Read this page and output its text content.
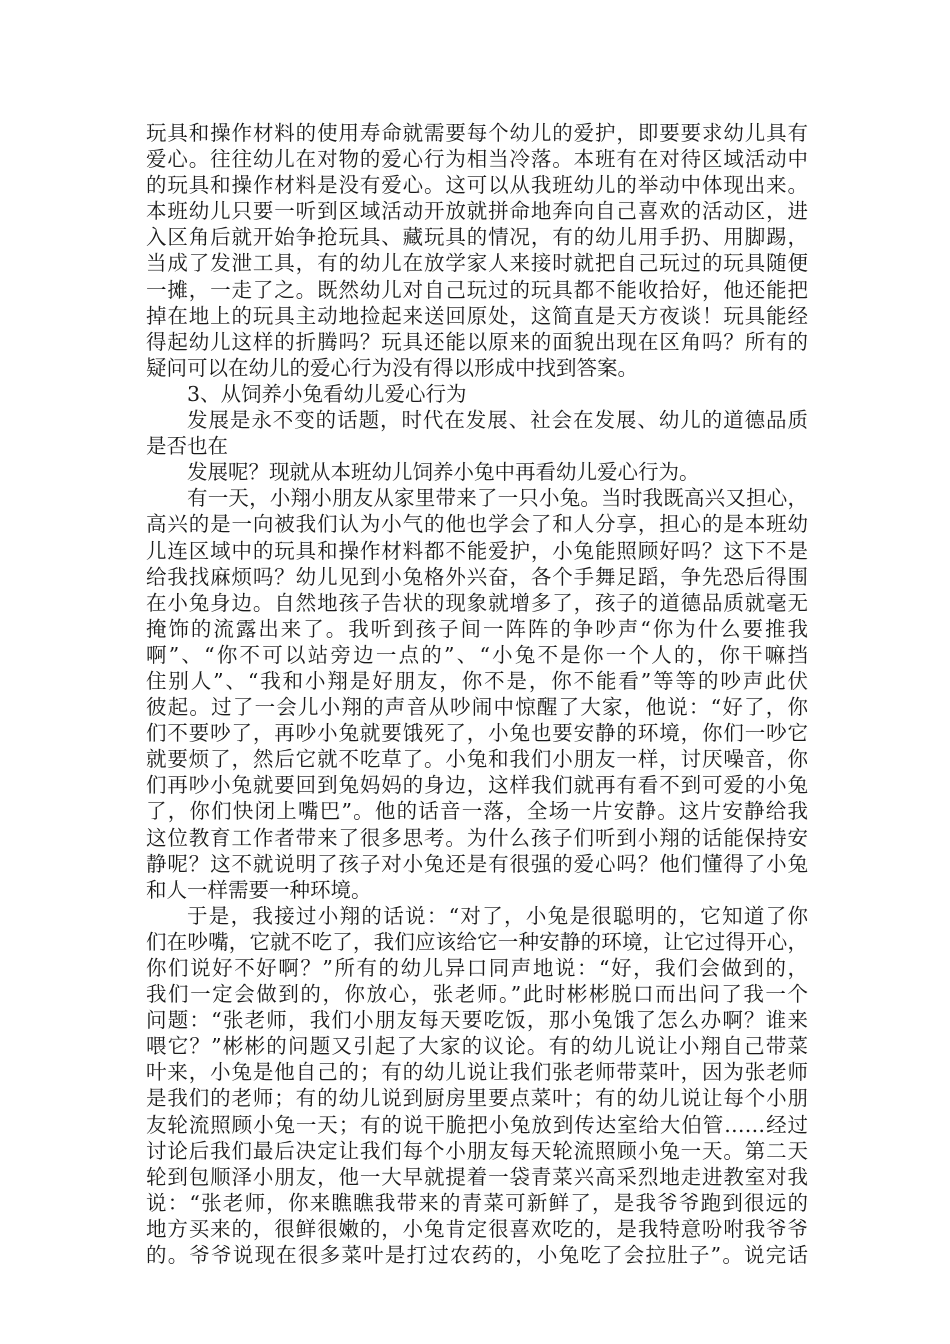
玩具和操作材料的使用寿命就需要每个幼儿的爱护，即要要求幼儿具有
爱心。往往幼儿在对物的爱心行为相当冷落。本班有在对待区域活动中
的玩具和操作材料是没有爱心。这可以从我班幼儿的举动中体现出来。
本班幼儿只要一听到区域活动开放就拼命地奔向自己喜欢的活动区，进
入区角后就开始争抢玩具、藏玩具的情况，有的幼儿用手扔、用脚踢，
当成了发泄工具，有的幼儿在放学家人来接时就把自己玩过的玩具随便
一摊，一走了之。既然幼儿对自己玩过的玩具都不能收拾好，他还能把
掉在地上的玩具主动地捡起来送回原处，这简直是天方夜谈！玩具能经
得起幼儿这样的折腾吗？玩具还能以原来的面貌出现在区角吗？所有的
疑问可以在幼儿的爱心行为没有得以形成中找到答案。
3、从饲养小兔看幼儿爱心行为
发展是永不变的话题，时代在发展、社会在发展、幼儿的道德品质
是否也在
发展呢？现就从本班幼儿饲养小兔中再看幼儿爱心行为。
有一天，小翔小朋友从家里带来了一只小兔。当时我既高兴又担心，
高兴的是一向被我们认为小气的他也学会了和人分享，担心的是本班幼
儿连区域中的玩具和操作材料都不能爱护，小兔能照顾好吗？这下不是
给我找麻烦吗？幼儿见到小兔格外兴奋，各个手舞足蹈，争先恐后得围
在小兔身边。自然地孩子告状的现象就增多了，孩子的道德品质就毫无
掩饰的流露出来了。我听到孩子间一阵阵的争吵声“你为什么要推我
啊”、“你不可以站旁边一点的”、“小兔不是你一个人的，你干嘛挡
住别人”、“我和小翔是好朋友，你不是，你不能看”等等的吵声此伏
彼起。过了一会儿小翔的声音从吵闹中惊醒了大家，他说：“好了，你
们不要吵了，再吵小兔就要饿死了，小兔也要安静的环境，你们一吵它
就要烦了，然后它就不吃草了。小兔和我们小朋友一样，讨厌噪音，你
们再吵小兔就要回到兔妈妈的身边，这样我们就再有看不到可爱的小兔
了，你们快闭上嘴巴”。他的话音一落，全场一片安静。这片安静给我
这位教育工作者带来了很多思考。为什么孩子们听到小翔的话能保持安
静呢？这不就说明了孩子对小兔还是有很强的爱心吗？他们懂得了小兔
和人一样需要一种环境。
于是，我接过小翔的话说：“对了，小兔是很聪明的，它知道了你
们在吵嘴，它就不吃了，我们应该给它一种安静的环境，让它过得开心，
你们说好不好啊？”所有的幼儿异口同声地说：“好，我们会做到的，
我们一定会做到的，你放心，张老师。”此时彬彬脱口而出问了我一个
问题：“张老师，我们小朋友每天要吃饭，那小兔饿了怎么办啊？谁来
喂它？”彬彬的问题又引起了大家的议论。有的幼儿说让小翔自己带菜
叶来，小兔是他自己的；有的幼儿说让我们张老师带菜叶，因为张老师
是我们的老师；有的幼儿说到厨房里要点菜叶；有的幼儿说让每个小朋
友轮流照顾小兔一天；有的说干脆把小兔放到传达室给大伯管……经过
讨论后我们最后决定让我们每个小朋友每天轮流照顾小兔一天。第二天
轮到包顺泽小朋友，他一大早就提着一袋青菜兴高采烈地走进教室对我
说：“张老师，你来瞧瞧我带来的青菜可新鲜了，是我爷爷跑到很远的
地方买来的，很鲜很嫩的，小兔肯定很喜欢吃的，是我特意吩咐我爷爷
的。爷爷说现在很多菜叶是打过农药的，小兔吃了会拉肚子”。说完话
